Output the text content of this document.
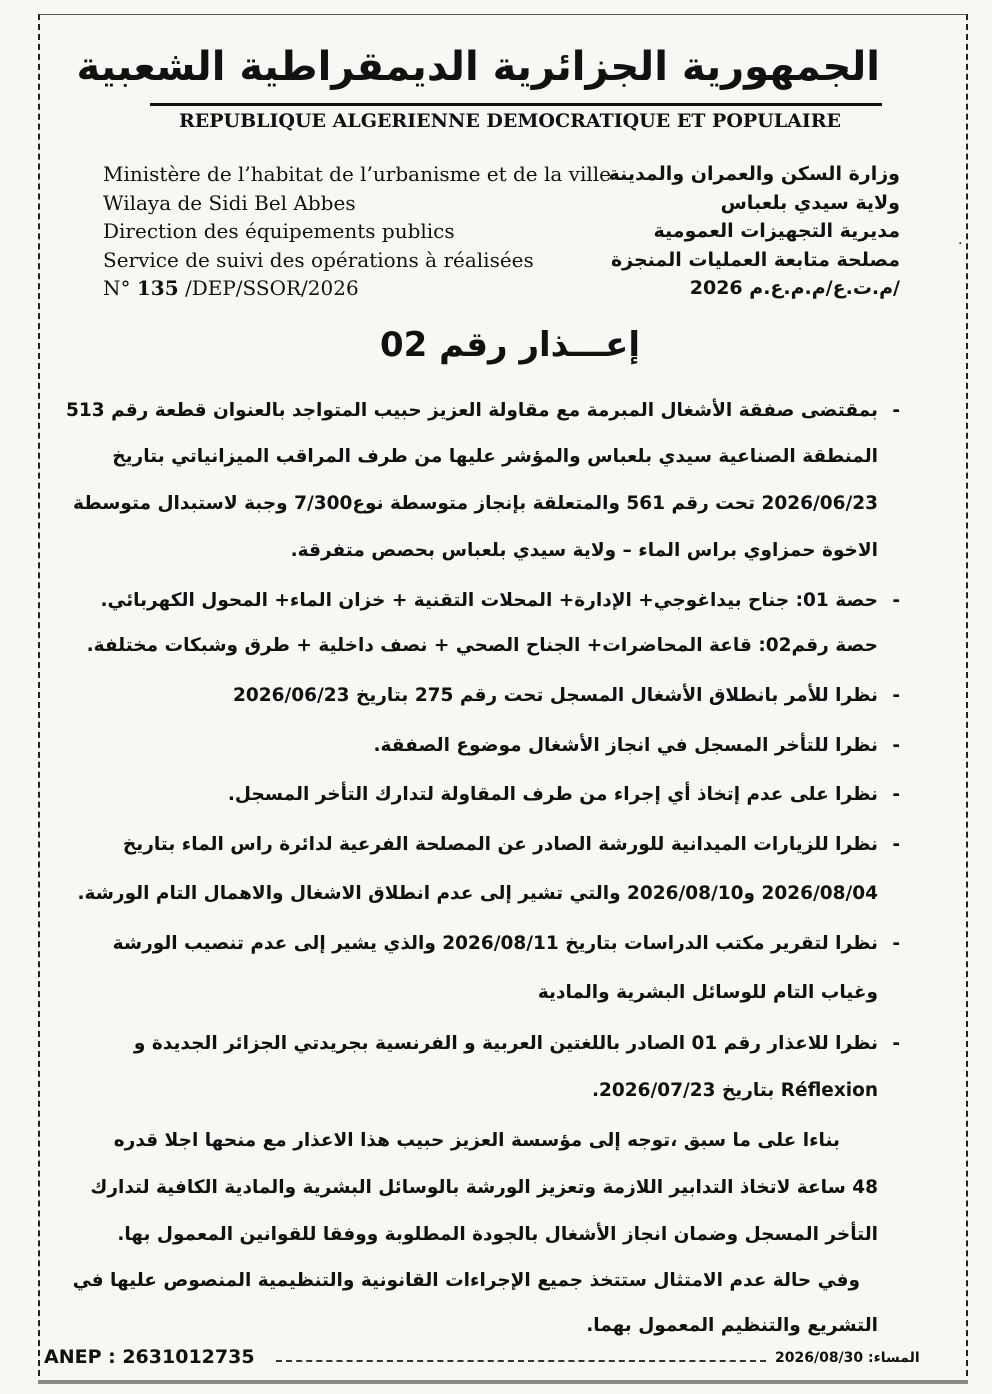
الجمهورية الجزائرية الديمقراطية الشعبية
REPUBLIQUE ALGERIENNE DEMOCRATIQUE ET POPULAIRE
Ministère de l’habitat de l’urbanisme et de la ville
Wilaya de Sidi Bel Abbes
Direction des équipements publics
Service de suivi des opérations à réalisées
N° 135 /DEP/SSOR/2026
وزارة السكن والعمران والمدينة
ولاية سيدي بلعباس
مديرية التجهيزات العمومية
مصلحة متابعة العمليات المنجزة
/م.ت.ع/م.م.ع.م 2026
.
إعـــذار رقم 02
-
بمقتضى صفقة الأشغال المبرمة مع مقاولة العزيز حبيب المتواجد بالعنوان قطعة رقم 513
المنطقة الصناعية سيدي بلعباس والمؤشر عليها من طرف المراقب الميزانياتي بتاريخ
2026/06/23 تحت رقم 561 والمتعلقة بإنجاز متوسطة نوع7/300 وجبة لاستبدال متوسطة
الاخوة حمزاوي براس الماء – ولاية سيدي بلعباس بحصص متفرقة.
-
حصة 01: جناح بيداغوجي+ الإدارة+ المحلات التقنية + خزان الماء+ المحول الكهربائي.
حصة رقم02: قاعة المحاضرات+ الجناح الصحي + نصف داخلية + طرق وشبكات مختلفة.
-
نظرا للأمر بانطلاق الأشغال المسجل تحت رقم 275 بتاريخ 2026/06/23
-
نظرا للتأخر المسجل في انجاز الأشغال موضوع الصفقة.
-
نظرا على عدم إتخاذ أي إجراء من طرف المقاولة لتدارك التأخر المسجل.
-
نظرا للزيارات الميدانية للورشة الصادر عن المصلحة الفرعية لدائرة راس الماء بتاريخ
2026/08/04 و2026/08/10 والتي تشير إلى عدم انطلاق الاشغال والاهمال التام الورشة.
-
نظرا لتقرير مكتب الدراسات بتاريخ 2026/08/11 والذي يشير إلى عدم تنصيب الورشة
وغياب التام للوسائل البشرية والمادية
-
نظرا للاعذار رقم 01 الصادر باللغتين العربية و الفرنسية بجريدتي الجزائر الجديدة و
Réflexion بتاريخ 2026/07/23.
بناءا على ما سبق ،توجه إلى مؤسسة العزيز حبيب هذا الاعذار مع منحها اجلا قدره
48 ساعة لاتخاذ التدابير اللازمة وتعزيز الورشة بالوسائل البشرية والمادية الكافية لتدارك
التأخر المسجل وضمان انجاز الأشغال بالجودة المطلوبة ووفقا للقوانين المعمول بها.
وفي حالة عدم الامتثال ستتخذ جميع الإجراءات القانونية والتنظيمية المنصوص عليها في
التشريع والتنظيم المعمول بهما.
ANEP : 2631012735	المساء: 2026/08/30
